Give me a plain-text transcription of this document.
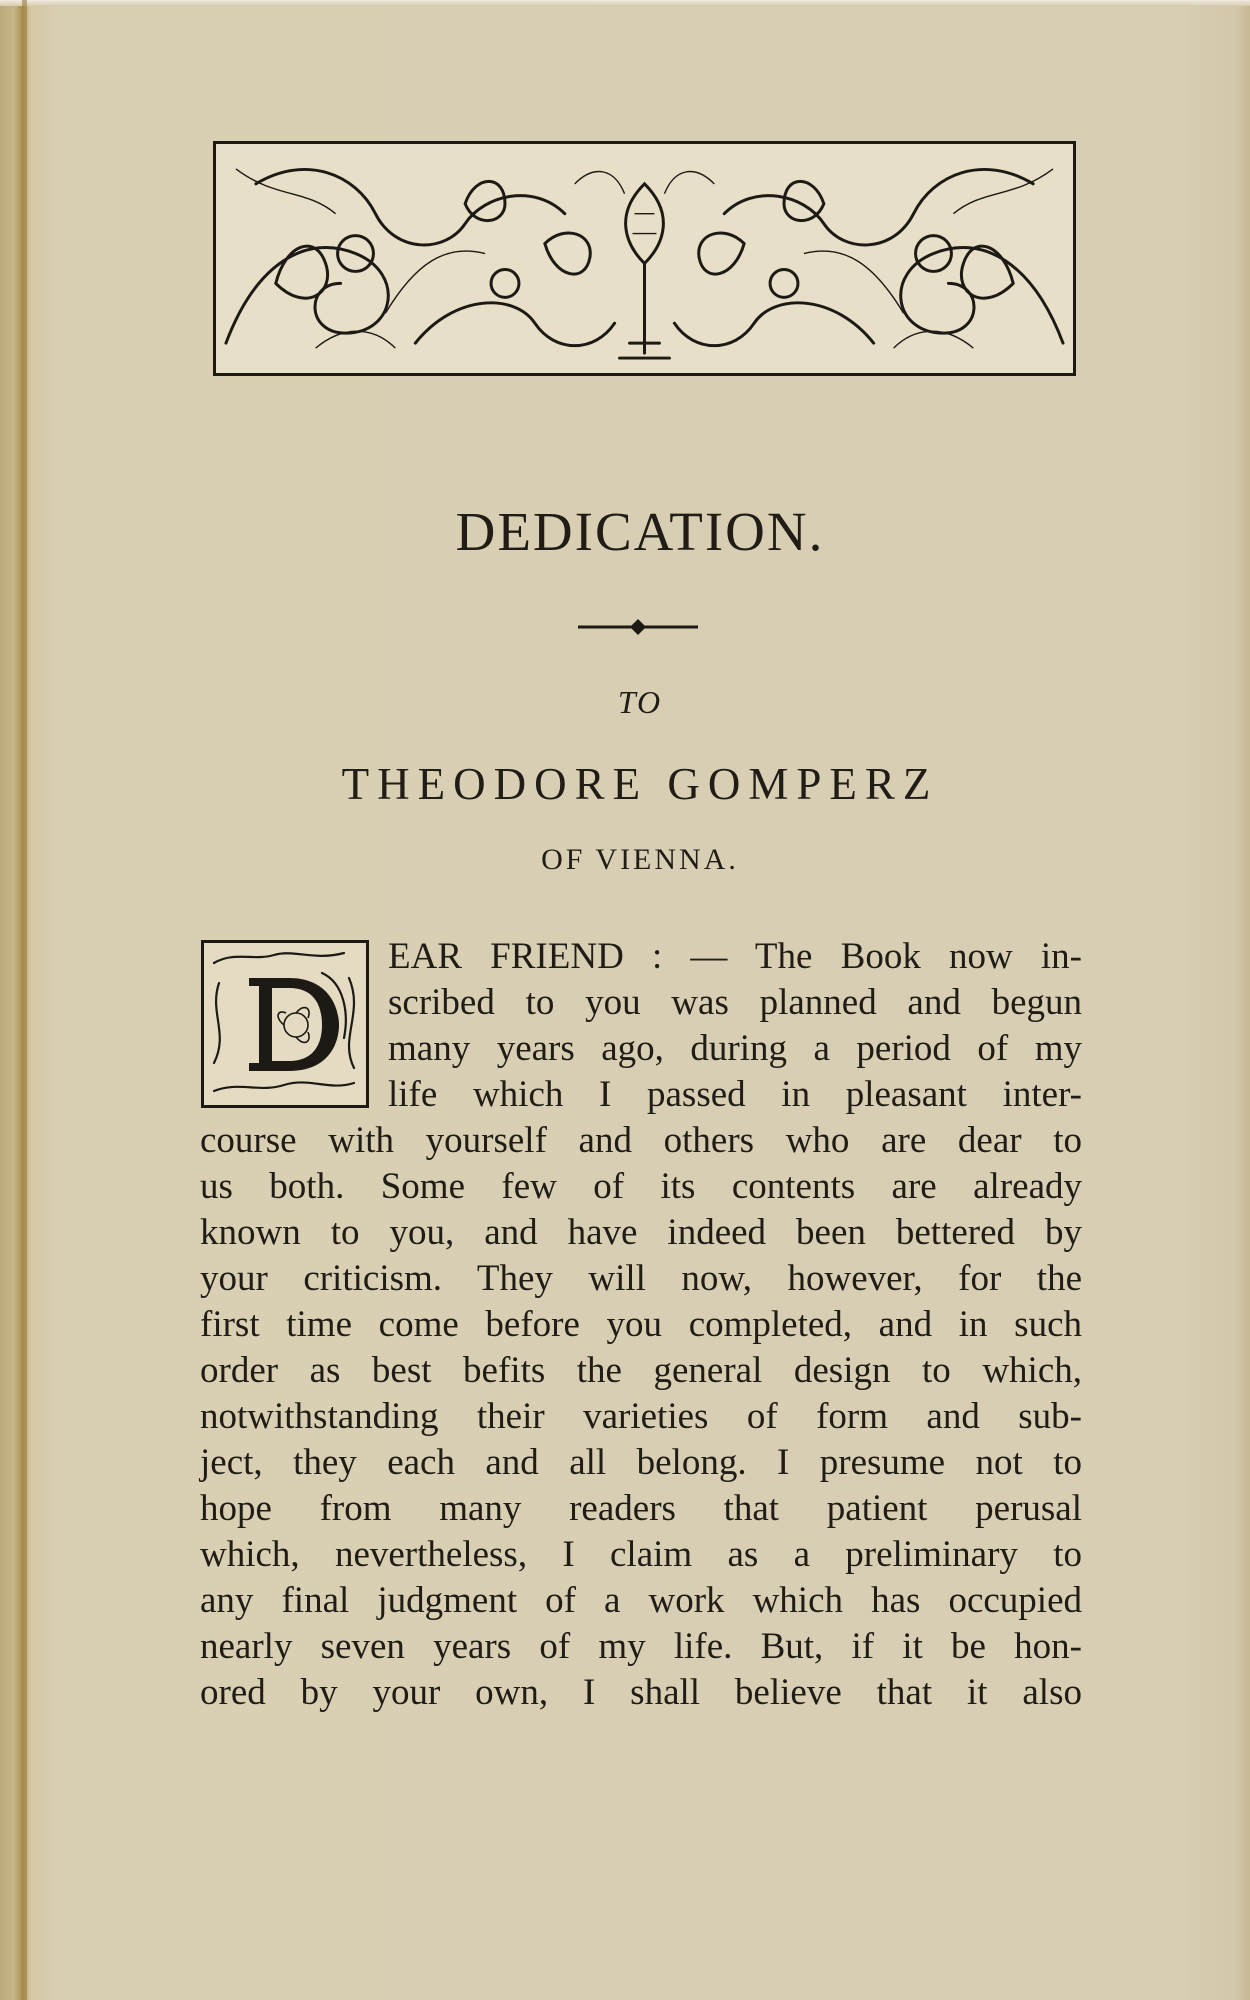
DEDICATION.
TO
THEODORE GOMPERZ
OF VIENNA.
EAR FRIEND : — The Book now in-
scribed to you was planned and begun
many years ago, during a period of my
life which I passed in pleasant inter-
course with yourself and others who are dear to
us both. Some few of its contents are already
known to you, and have indeed been bettered by
your criticism. They will now, however, for the
first time come before you completed, and in such
order as best befits the general design to which,
notwithstanding their varieties of form and sub-
ject, they each and all belong. I presume not to
hope from many readers that patient perusal
which, nevertheless, I claim as a preliminary to
any final judgment of a work which has occupied
nearly seven years of my life. But, if it be hon-
ored by your own, I shall believe that it also
